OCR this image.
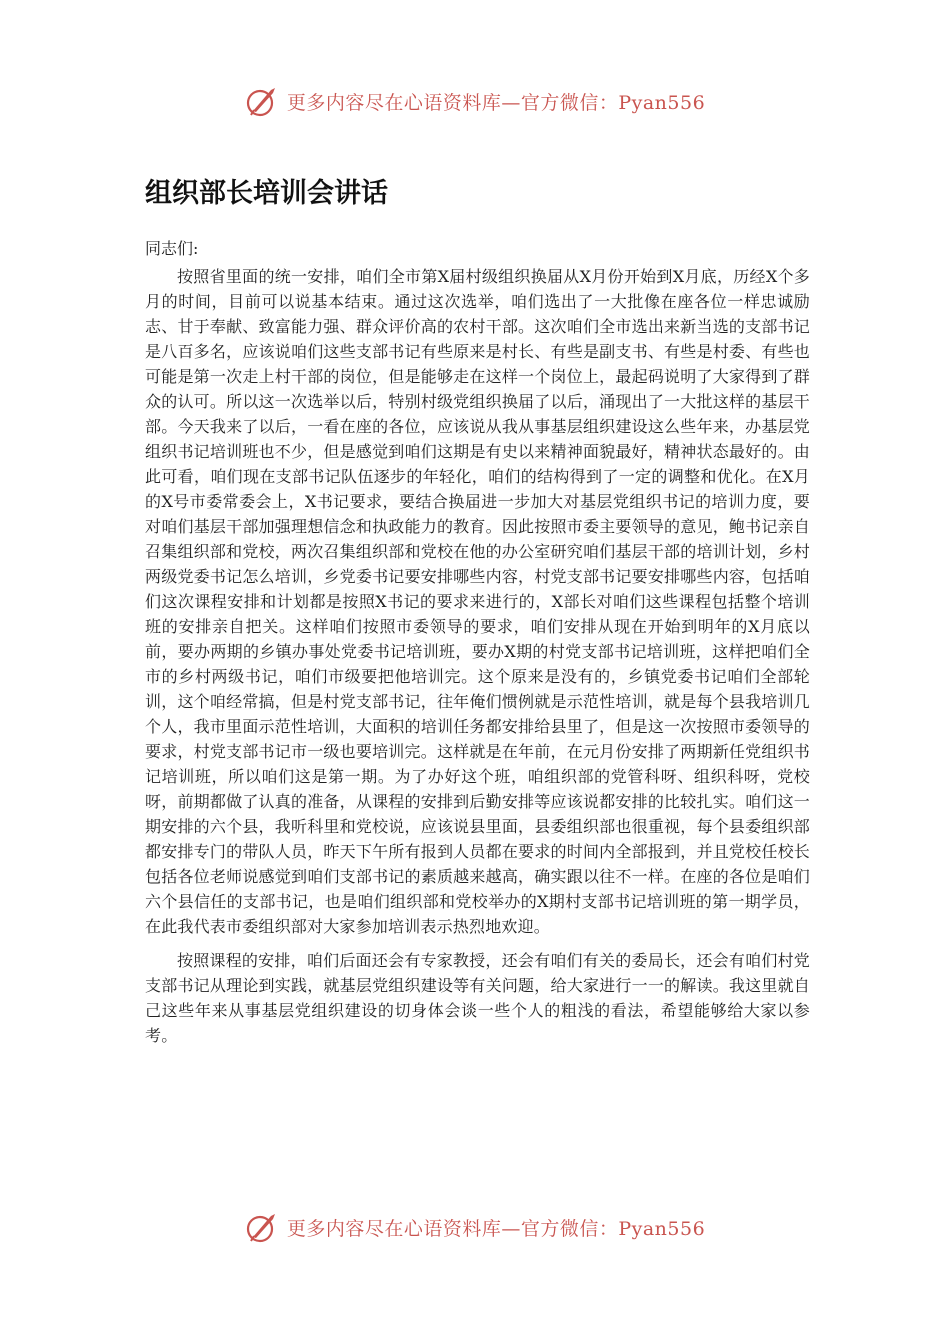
更多内容尽在心语资料库—官方微信：Pyan556
组织部长培训会讲话

同志们:

按照省里面的统一安排，咱们全市第X届村级组织换届从X月份开始到X月底，历经X个多月的时间，目前可以说基本结束。通过这次选举，咱们选出了一大批像在座各位一样忠诚励志、甘于奉献、致富能力强、群众评价高的农村干部。这次咱们全市选出来新当选的支部书记是八百多名，应该说咱们这些支部书记有些原来是村长、有些是副支书、有些是村委、有些也可能是第一次走上村干部的岗位，但是能够走在这样一个岗位上，最起码说明了大家得到了群众的认可。所以这一次选举以后，特别村级党组织换届了以后，涌现出了一大批这样的基层干部。今天我来了以后，一看在座的各位，应该说从我从事基层组织建设这么些年来，办基层党组织书记培训班也不少，但是感觉到咱们这期是有史以来精神面貌最好，精神状态最好的。由此可看，咱们现在支部书记队伍逐步的年轻化，咱们的结构得到了一定的调整和优化。在X月的X号市委常委会上，X书记要求，要结合换届进一步加大对基层党组织书记的培训力度，要对咱们基层干部加强理想信念和执政能力的教育。因此按照市委主要领导的意见，鲍书记亲自召集组织部和党校，两次召集组织部和党校在他的办公室研究咱们基层干部的培训计划，乡村两级党委书记怎么培训，乡党委书记要安排哪些内容，村党支部书记要安排哪些内容，包括咱们这次课程安排和计划都是按照X书记的要求来进行的，X部长对咱们这些课程包括整个培训班的安排亲自把关。这样咱们按照市委领导的要求，咱们安排从现在开始到明年的X月底以前，要办两期的乡镇办事处党委书记培训班，要办X期的村党支部书记培训班，这样把咱们全市的乡村两级书记，咱们市级要把他培训完。这个原来是没有的，乡镇党委书记咱们全部轮训，这个咱经常搞，但是村党支部书记，往年俺们惯例就是示范性培训，就是每个县我培训几个人，我市里面示范性培训，大面积的培训任务都安排给县里了，但是这一次按照市委领导的要求，村党支部书记市一级也要培训完。这样就是在年前，在元月份安排了两期新任党组织书记培训班，所以咱们这是第一期。为了办好这个班，咱组织部的党管科呀、组织科呀，党校呀，前期都做了认真的准备，从课程的安排到后勤安排等应该说都安排的比较扎实。咱们这一期安排的六个县，我听科里和党校说，应该说县里面，县委组织部也很重视，每个县委组织部都安排专门的带队人员，昨天下午所有报到人员都在要求的时间内全部报到，并且党校任校长包括各位老师说感觉到咱们支部书记的素质越来越高，确实跟以往不一样。在座的各位是咱们六个县信任的支部书记，也是咱们组织部和党校举办的X期村支部书记培训班的第一期学员，在此我代表市委组织部对大家参加培训表示热烈地欢迎。

按照课程的安排，咱们后面还会有专家教授，还会有咱们有关的委局长，还会有咱们村党支部书记从理论到实践，就基层党组织建设等有关问题，给大家进行一一的解读。我这里就自己这些年来从事基层党组织建设的切身体会谈一些个人的粗浅的看法，希望能够给大家以参考。

更多内容尽在心语资料库—官方微信：Pyan556
